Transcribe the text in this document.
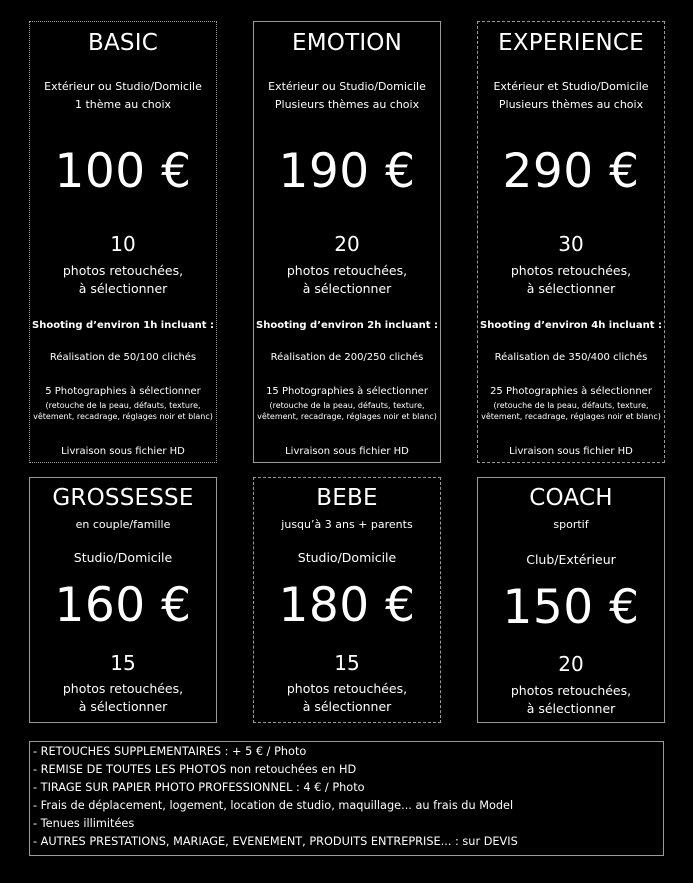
BASIC
Extérieur ou Studio/Domicile
1 thème au choix
100 €
10
photos retouchées,
à sélectionner
Shooting d’environ 1h incluant :
Réalisation de 50/100 clichés
5 Photographies à sélectionner
(retouche de la peau, défauts, texture,
vêtement, recadrage, réglages noir et blanc)
Livraison sous fichier HD
EMOTION
Extérieur ou Studio/Domicile
Plusieurs thèmes au choix
190 €
20
photos retouchées,
à sélectionner
Shooting d’environ 2h incluant :
Réalisation de 200/250 clichés
15 Photographies à sélectionner
(retouche de la peau, défauts, texture,
vêtement, recadrage, réglages noir et blanc)
Livraison sous fichier HD
EXPERIENCE
Extérieur et Studio/Domicile
Plusieurs thèmes au choix
290 €
30
photos retouchées,
à sélectionner
Shooting d’environ 4h incluant :
Réalisation de 350/400 clichés
25 Photographies à sélectionner
(retouche de la peau, défauts, texture,
vêtement, recadrage, réglages noir et blanc)
Livraison sous fichier HD
GROSSESSE
en couple/famille
Studio/Domicile
160 €
15
photos retouchées,
à sélectionner
BEBE
jusqu’à 3 ans + parents
Studio/Domicile
180 €
15
photos retouchées,
à sélectionner
COACH
sportif
Club/Extérieur
150 €
20
photos retouchées,
à sélectionner
- RETOUCHES SUPPLEMENTAIRES : + 5 € / Photo
- REMISE DE TOUTES LES PHOTOS non retouchées en HD
- TIRAGE SUR PAPIER PHOTO PROFESSIONNEL : 4 € / Photo
- Frais de déplacement, logement, location de studio, maquillage... au frais du Model
- Tenues illimitées
- AUTRES PRESTATIONS, MARIAGE, EVENEMENT, PRODUITS ENTREPRISE... : sur DEVIS
